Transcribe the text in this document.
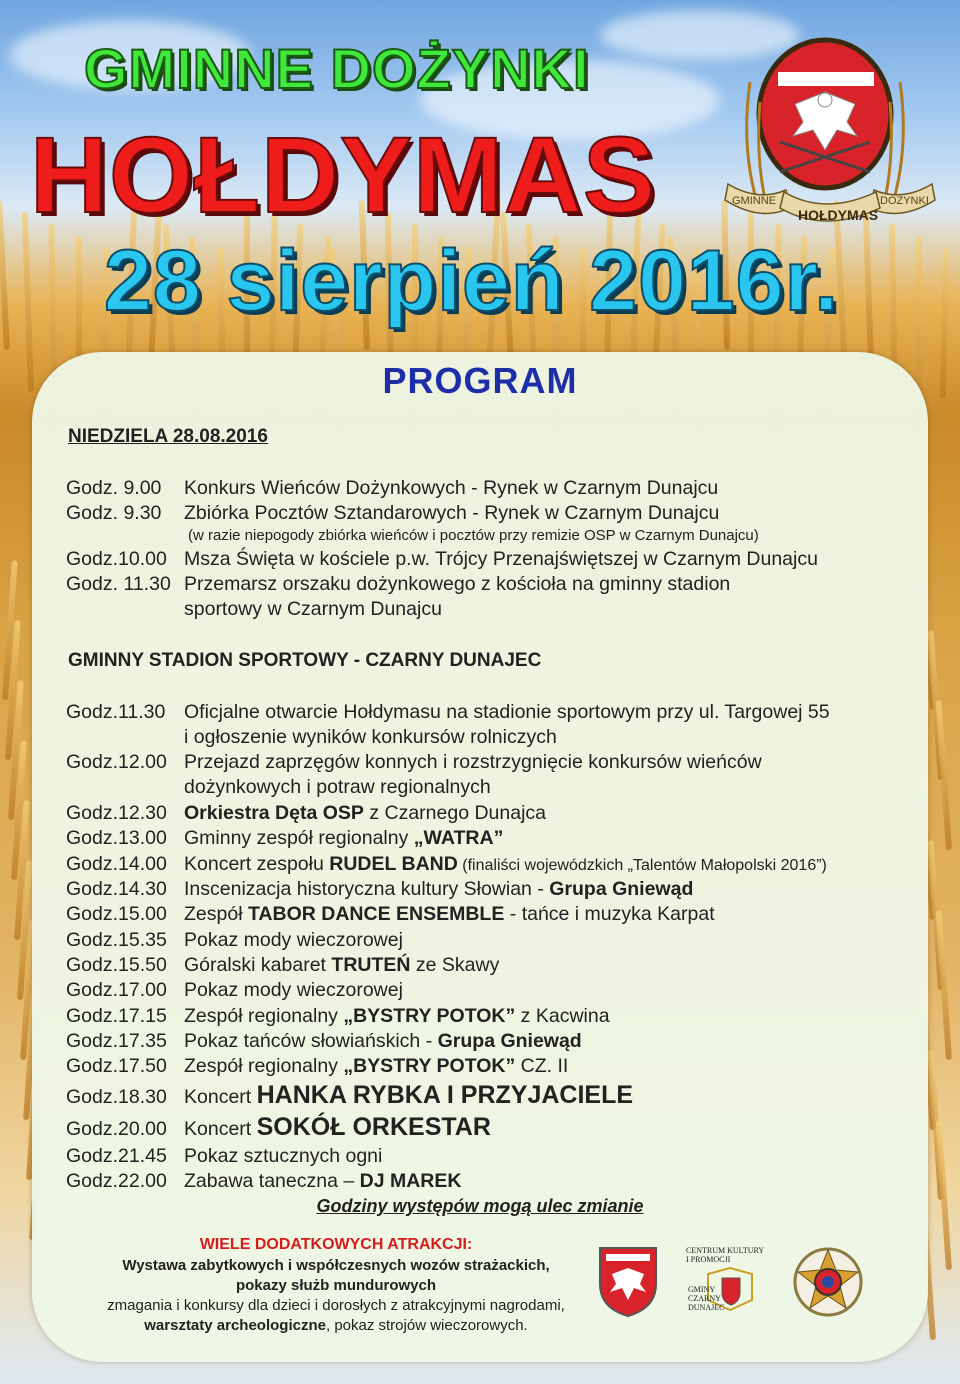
GMINNE DOŻYNKI
HOŁDYMAS
28 sierpień 2016r.
GMINNE	DOŻYNKI
HOŁDYMAS
PROGRAM

NIEDZIELA 28.08.2016

Godz. 9.00 Konkurs Wieńców Dożynkowych - Rynek w Czarnym Dunajcu
Godz. 9.30 Zbiórka Pocztów Sztandarowych - Rynek w Czarnym Dunajcu
(w razie niepogody zbiórka wieńców i pocztów przy remizie OSP w Czarnym Dunajcu)
Godz.10.00 Msza Święta w kościele p.w. Trójcy Przenajświętszej w Czarnym Dunajcu
Godz. 11.30 Przemarsz orszaku dożynkowego z kościoła na gminny stadion
sportowy w Czarnym Dunajcu

GMINNY STADION SPORTOWY - CZARNY DUNAJEC

Godz.11.30 Oficjalne otwarcie Hołdymasu na stadionie sportowym przy ul. Targowej 55
i ogłoszenie wyników konkursów rolniczych
Godz.12.00 Przejazd zaprzęgów konnych i rozstrzygnięcie konkursów wieńców
dożynkowych i potraw regionalnych
Godz.12.30 Orkiestra Dęta OSP z Czarnego Dunajca
Godz.13.00 Gminny zespół regionalny „WATRA”
Godz.14.00 Koncert zespołu RUDEL BAND (finaliści wojewódzkich „Talentów Małopolski 2016”)
Godz.14.30 Inscenizacja historyczna kultury Słowian - Grupa Gniewąd
Godz.15.00 Zespół TABOR DANCE ENSEMBLE - tańce i muzyka Karpat
Godz.15.35 Pokaz mody wieczorowej
Godz.15.50 Góralski kabaret TRUTEŃ ze Skawy
Godz.17.00 Pokaz mody wieczorowej
Godz.17.15 Zespół regionalny „BYSTRY POTOK” z Kacwina
Godz.17.35 Pokaz tańców słowiańskich - Grupa Gniewąd
Godz.17.50 Zespół regionalny „BYSTRY POTOK” CZ. II
Godz.18.30 Koncert HANKA RYBKA I PRZYJACIELE
Godz.20.00 Koncert SOKÓŁ ORKESTAR
Godz.21.45 Pokaz sztucznych ogni
Godz.22.00 Zabawa taneczna – DJ MAREK

Godziny występów mogą ulec zmianie

WIELE DODATKOWYCH ATRAKCJI:

Wystawa zabytkowych i współczesnych wozów strażackich,

pokazy służb mundurowych

zmagania i konkursy dla dzieci i dorosłych z atrakcyjnymi nagrodami,

warsztaty archeologiczne, pokaz strojów wieczorowych.

CENTRUM KULTURY
I PROMOCJI
GMINY
CZARNY
DUNAJEC
